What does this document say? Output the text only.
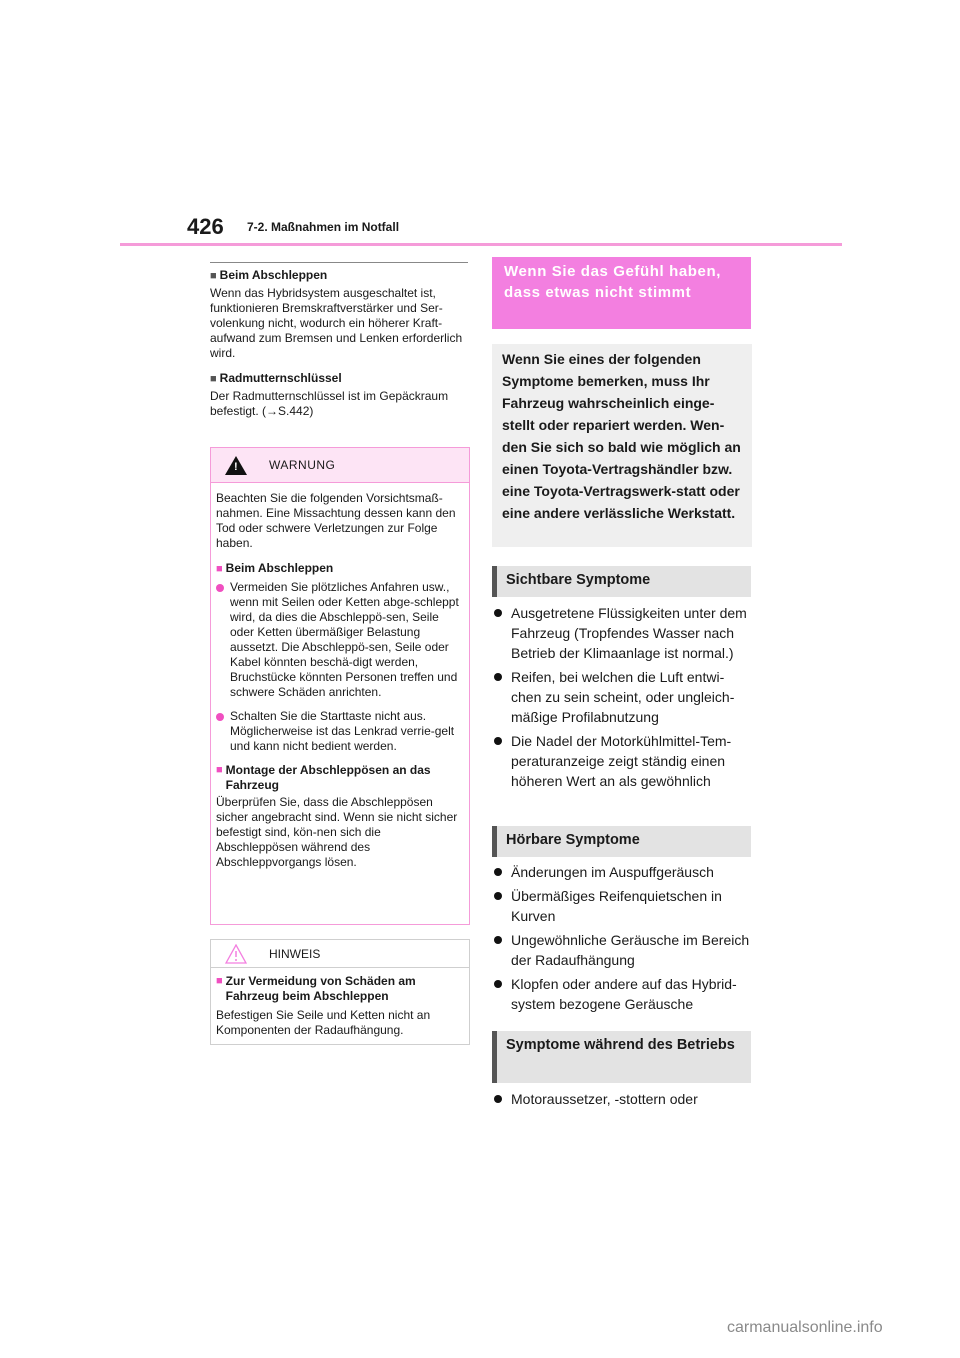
426 7-2. Maßnahmen im Notfall
■ Beim Abschleppen
Wenn das Hybridsystem ausgeschaltet ist, funktionieren Bremskraftverstärker und Ser-volenkung nicht, wodurch ein höherer Kraft-aufwand zum Bremsen und Lenken erforderlich wird.
■ Radmutternschlüssel
Der Radmutternschlüssel ist im Gepäckraum befestigt. (→S.442)
!	WARNUNG
Beachten Sie die folgenden Vorsichtsmaß-nahmen. Eine Missachtung dessen kann den Tod oder schwere Verletzungen zur Folge haben.
■ Beim Abschleppen
Vermeiden Sie plötzliches Anfahren usw., wenn mit Seilen oder Ketten abge-schleppt wird, da dies die Abschleppö-sen, Seile oder Ketten übermäßiger Belastung aussetzt. Die Abschleppö-sen, Seile oder Kabel könnten beschä-digt werden, Bruchstücke könnten Personen treffen und schwere Schäden anrichten.
Schalten Sie die Starttaste nicht aus. Möglicherweise ist das Lenkrad verrie-gelt und kann nicht bedient werden.
■ Montage der Abschleppösen an das Fahrzeug
Überprüfen Sie, dass die Abschleppösen sicher angebracht sind. Wenn sie nicht sicher befestigt sind, kön-nen sich die Abschleppösen während des Abschleppvorgangs lösen.
HINWEIS
■ Zur Vermeidung von Schäden am Fahrzeug beim Abschleppen
Befestigen Sie Seile und Ketten nicht an Komponenten der Radaufhängung.
Wenn Sie das Gefühl haben, dass etwas nicht stimmt
Wenn Sie eines der folgenden Symptome bemerken, muss Ihr Fahrzeug wahrscheinlich einge-stellt oder repariert werden. Wen-den Sie sich so bald wie möglich an einen Toyota-Vertragshändler bzw. eine Toyota-Vertragswerk-statt oder eine andere verlässliche Werkstatt.
Sichtbare Symptome
Ausgetretene Flüssigkeiten unter dem Fahrzeug (Tropfendes Wasser nach Betrieb der Klimaanlage ist normal.)
Reifen, bei welchen die Luft entwi-chen zu sein scheint, oder ungleich-mäßige Profilabnutzung
Die Nadel der Motorkühlmittel-Tem-peraturanzeige zeigt ständig einen höheren Wert an als gewöhnlich
Hörbare Symptome
Änderungen im Auspuffgeräusch
Übermäßiges Reifenquietschen in Kurven
Ungewöhnliche Geräusche im Bereich der Radaufhängung
Klopfen oder andere auf das Hybrid-system bezogene Geräusche
Symptome während des Betriebs
Motoraussetzer, -stottern oder
carmanualsonline.info
